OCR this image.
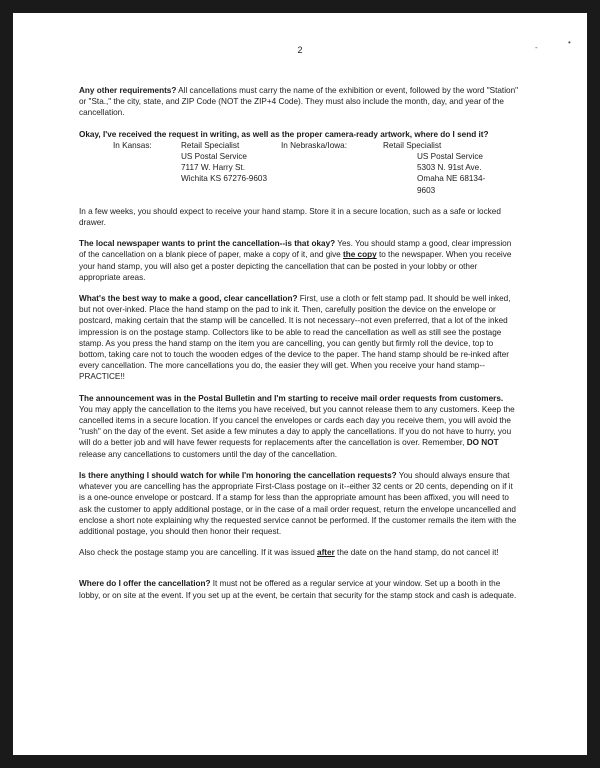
2	-
•

Any other requirements? All cancellations must carry the name of the exhibition or event, followed by the word "Station" or "Sta.," the city, state, and ZIP Code (NOT the ZIP+4 Code). They must also include the month, day, and year of the cancellation.

Okay, I've received the request in writing, as well as the proper camera-ready artwork, where do I send it?

In Kansas:	Retail Specialist
US Postal Service
7117 W. Harry St.
Wichita KS 67276-9603
In Nebraska/Iowa:	Retail Specialist
US Postal Service
5303 N. 91st Ave.
Omaha NE 68134-9603

In a few weeks, you should expect to receive your hand stamp. Store it in a secure location, such as a safe or locked drawer.

The local newspaper wants to print the cancellation--is that okay? Yes. You should stamp a good, clear impression of the cancellation on a blank piece of paper, make a copy of it, and give the copy to the newspaper. When you receive your hand stamp, you will also get a poster depicting the cancellation that can be posted in your lobby or other appropriate areas.

What's the best way to make a good, clear cancellation? First, use a cloth or felt stamp pad. It should be well inked, but not over-inked. Place the hand stamp on the pad to ink it. Then, carefully position the device on the envelope or postcard, making certain that the stamp will be cancelled. It is not necessary--not even preferred, that a lot of the inked impression is on the postage stamp. Collectors like to be able to read the cancellation as well as still see the postage stamp. As you press the hand stamp on the item you are cancelling, you can gently but firmly roll the device, top to bottom, taking care not to touch the wooden edges of the device to the paper. The hand stamp should be re-inked after every cancellation. The more cancellations you do, the easier they will get. When you receive your hand stamp--PRACTICE!!

The announcement was in the Postal Bulletin and I'm starting to receive mail order requests from customers. You may apply the cancellation to the items you have received, but you cannot release them to any customers. Keep the cancelled items in a secure location. If you cancel the envelopes or cards each day you receive them, you will avoid the "rush" on the day of the event. Set aside a few minutes a day to apply the cancellations. If you do not have to hurry, you will do a better job and will have fewer requests for replacements after the cancellation is over. Remember, DO NOT release any cancellations to customers until the day of the cancellation.

Is there anything I should watch for while I'm honoring the cancellation requests? You should always ensure that whatever you are cancelling has the appropriate First-Class postage on it--either 32 cents or 20 cents, depending on if it is a one-ounce envelope or postcard. If a stamp for less than the appropriate amount has been affixed, you will need to ask the customer to apply additional postage, or in the case of a mail order request, return the envelope uncancelled and enclose a short note explaining why the requested service cannot be performed. If the customer remails the item with the additional postage, you should then honor their request.

Also check the postage stamp you are cancelling. If it was issued after the date on the hand stamp, do not cancel it!

Where do I offer the cancellation? It must not be offered as a regular service at your window. Set up a booth in the lobby, or on site at the event. If you set up at the event, be certain that security for the stamp stock and cash is adequate.
